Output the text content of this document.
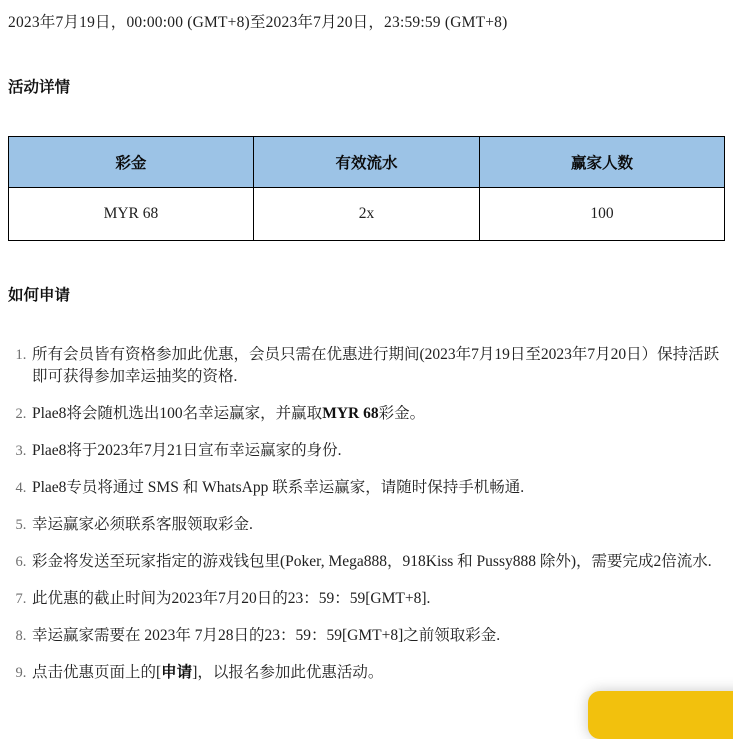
2023年7月19日，00:00:00 (GMT+8)至2023年7月20日，23:59:59 (GMT+8)

活动详情
彩金	有效流水	赢家人数
MYR 68	2x	100
如何申请
1. 所有会员皆有资格参加此优惠，会员只需在优惠进行期间(2023年7月19日至2023年7月20日）保持活跃即可获得参加幸运抽奖的资格.
2. Plae8将会随机选出100名幸运赢家，并赢取MYR 68彩金。
3. Plae8将于2023年7月21日宣布幸运赢家的身份.
4. Plae8专员将通过 SMS 和 WhatsApp 联系幸运赢家，请随时保持手机畅通.
5. 幸运赢家必须联系客服领取彩金.
6. 彩金将发送至玩家指定的游戏钱包里(Poker, Mega888，918Kiss 和 Pussy888 除外)，需要完成2倍流水.
7. 此优惠的截止时间为2023年7月20日的23：59：59[GMT+8].
8. 幸运赢家需要在 2023年 7月28日的23：59：59[GMT+8]之前领取彩金.
9. 点击优惠页面上的[申请]，以报名参加此优惠活动。
